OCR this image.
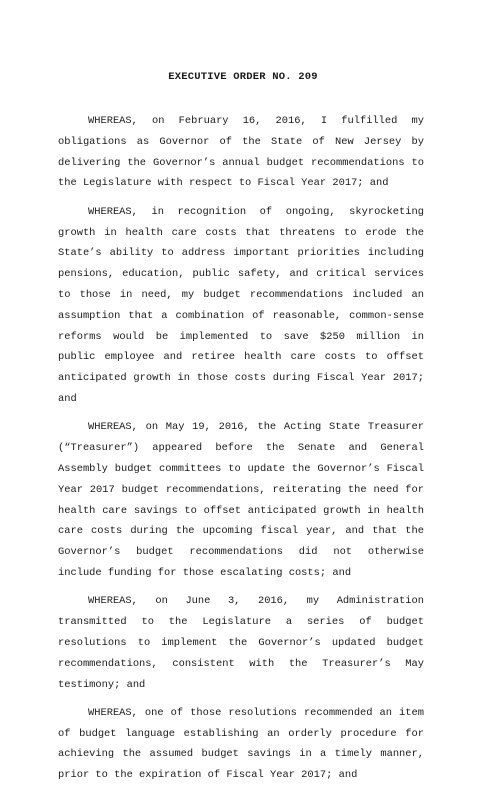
EXECUTIVE ORDER NO. 209

WHEREAS, on February 16, 2016, I fulfilled my obligations as Governor of the State of New Jersey by delivering the Governor’s annual budget recommendations to the Legislature with respect to Fiscal Year 2017; and

WHEREAS, in recognition of ongoing, skyrocketing growth in health care costs that threatens to erode the State’s ability to address important priorities including pensions, education, public safety, and critical services to those in need, my budget recommendations included an assumption that a combination of reasonable, common-sense reforms would be implemented to save $250 million in public employee and retiree health care costs to offset anticipated growth in those costs during Fiscal Year 2017; and

WHEREAS, on May 19, 2016, the Acting State Treasurer (“Treasurer”) appeared before the Senate and General Assembly budget committees to update the Governor’s Fiscal Year 2017 budget recommendations, reiterating the need for health care savings to offset anticipated growth in health care costs during the upcoming fiscal year, and that the Governor’s budget recommendations did not otherwise include funding for those escalating costs; and

WHEREAS, on June 3, 2016, my Administration transmitted to the Legislature a series of budget resolutions to implement the Governor’s updated budget recommendations, consistent with the Treasurer’s May testimony; and

WHEREAS, one of those resolutions recommended an item of budget language establishing an orderly procedure for achieving the assumed budget savings in a timely manner, prior to the expiration of Fiscal Year 2017; and
